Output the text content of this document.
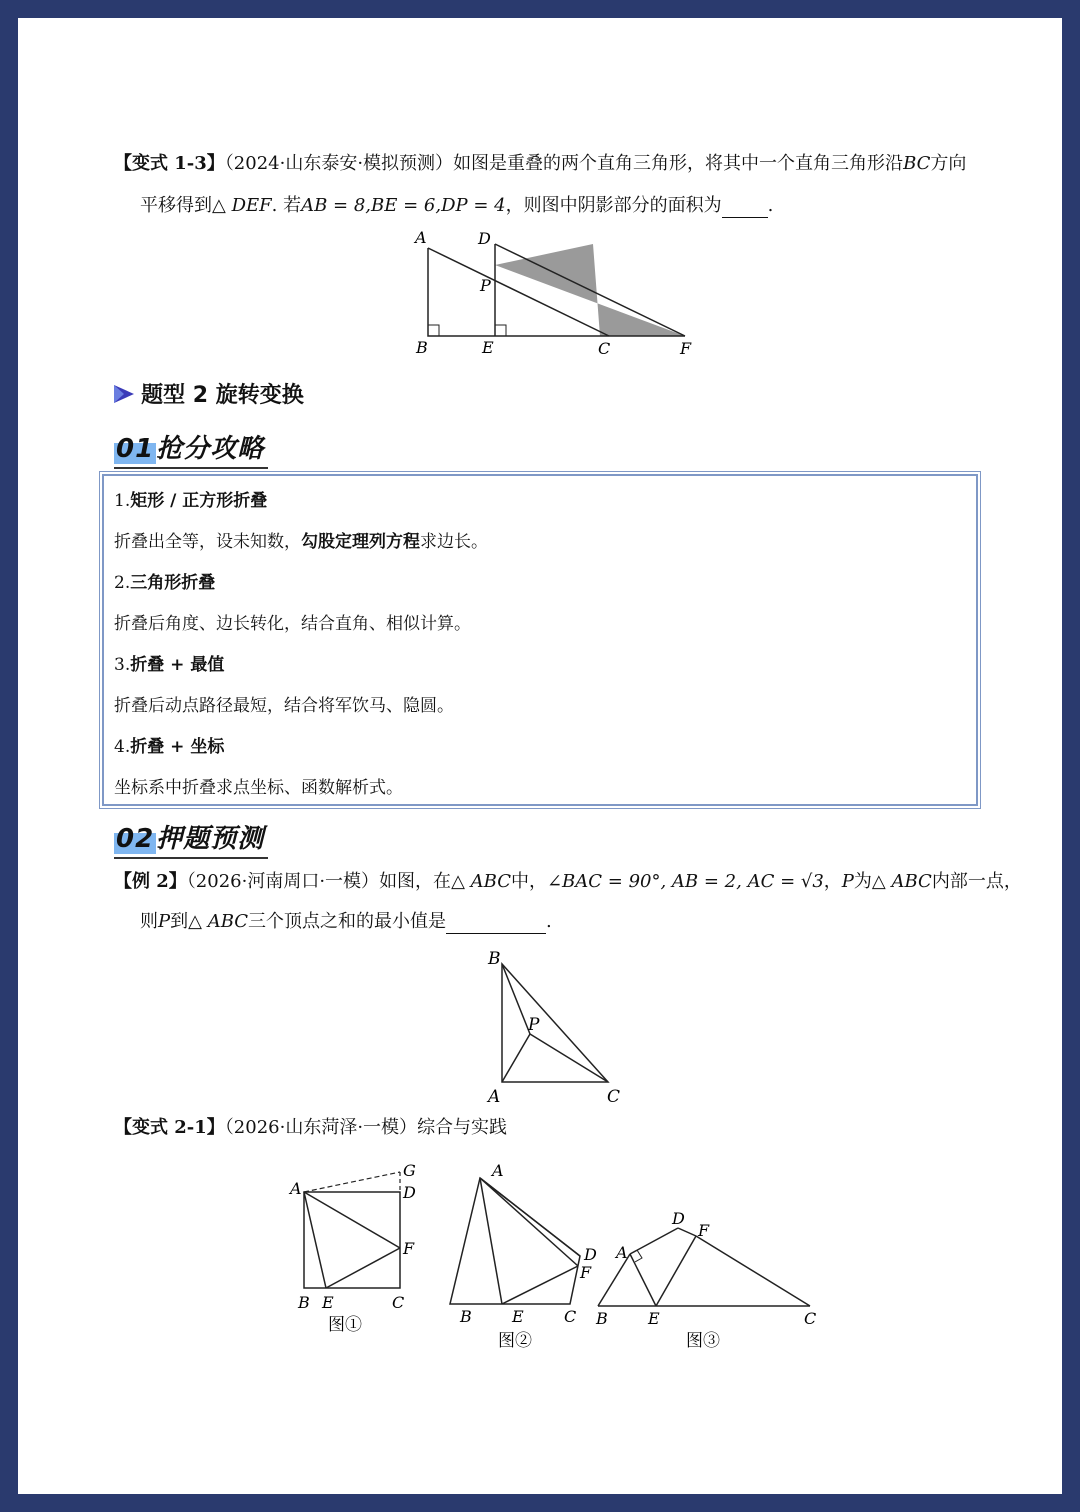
【变式 1-3】（2024·山东泰安·模拟预测）如图是重叠的两个直角三角形，将其中一个直角三角形沿BC方向
平移得到△ DEF. 若AB = 8,BE = 6,DP = 4，则图中阴影部分的面积为	.
A	D
P
B	E	C	F
题型 2 旋转变换
01抢分攻略
1.矩形 / 正方形折叠
折叠出全等，设未知数，勾股定理列方程求边长。
2.三角形折叠
折叠后角度、边长转化，结合直角、相似计算。
3.折叠 + 最值
折叠后动点路径最短，结合将军饮马、隐圆。
4.折叠 + 坐标
坐标系中折叠求点坐标、函数解析式。
02押题预测
【例 2】（2026·河南周口·一模）如图，在△ ABC中，∠BAC = 90°, AB = 2, AC = √3，P为△ ABC内部一点，
则P到△ ABC三个顶点之和的最小值是	.
B
P
A	C
【变式 2-1】（2026·山东菏泽·一模）综合与实践
A
G
D
F
B E	C
图①
A
D
F
B	E	C
图②
A
D
F
B	E	C
图③
